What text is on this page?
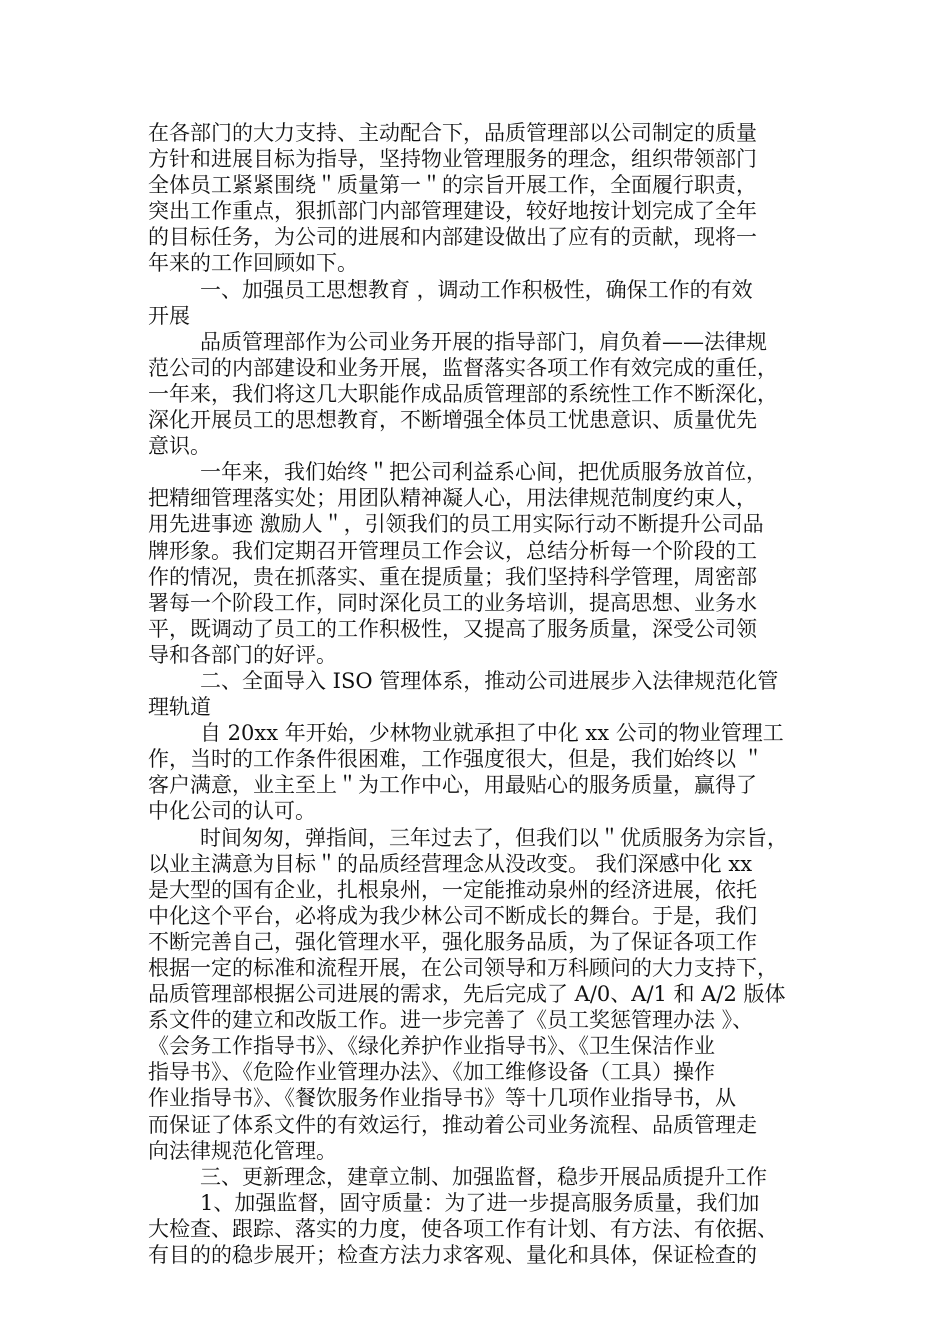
在各部门的大力支持、主动配合下，品质管理部以公司制定的质量
方针和进展目标为指导，坚持物业管理服务的理念，组织带领部门
全体员工紧紧围绕＂质量第一＂的宗旨开展工作，全面履行职责，
突出工作重点，狠抓部门内部管理建设，较好地按计划完成了全年
的目标任务，为公司的进展和内部建设做出了应有的贡献，现将一
年来的工作回顾如下。
一、加强员工思想教育 ，调动工作积极性，确保工作的有效
开展
品质管理部作为公司业务开展的指导部门，肩负着——法律规
范公司的内部建设和业务开展，监督落实各项工作有效完成的重任，
一年来，我们将这几大职能作成品质管理部的系统性工作不断深化，
深化开展员工的思想教育，不断增强全体员工忧患意识、质量优先
意识。
一年来，我们始终＂把公司利益系心间，把优质服务放首位，
把精细管理落实处；用团队精神凝人心，用法律规范制度约束人，
用先进事迹 激励人＂，引领我们的员工用实际行动不断提升公司品
牌形象。我们定期召开管理员工作会议，总结分析每一个阶段的工
作的情况，贵在抓落实、重在提质量；我们坚持科学管理，周密部
署每一个阶段工作，同时深化员工的业务培训，提高思想、业务水
平，既调动了员工的工作积极性，又提高了服务质量，深受公司领
导和各部门的好评。
二、全面导入 ISO 管理体系，推动公司进展步入法律规范化管
理轨道
自 20xx 年开始，少林物业就承担了中化 xx 公司的物业管理工
作，当时的工作条件很困难，工作强度很大，但是，我们始终以 ＂
客户满意，业主至上＂为工作中心，用最贴心的服务质量，赢得了
中化公司的认可。
时间匆匆，弹指间，三年过去了，但我们以＂优质服务为宗旨，
以业主满意为目标＂的品质经营理念从没改变。 我们深感中化 xx
是大型的国有企业，扎根泉州，一定能推动泉州的经济进展，依托
中化这个平台，必将成为我少林公司不断成长的舞台。于是，我们
不断完善自己，强化管理水平，强化服务品质，为了保证各项工作
根据一定的标准和流程开展，在公司领导和万科顾问的大力支持下，
品质管理部根据公司进展的需求，先后完成了 A/0、A/1 和 A/2 版体
系文件的建立和改版工作。进一步完善了《员工奖惩管理办法 》、
《会务工作指导书》、《绿化养护作业指导书》、《卫生保洁作业
指导书》、《危险作业管理办法》、《加工维修设备（工具）操作
作业指导书》、《餐饮服务作业指导书》等十几项作业指导书，从
而保证了体系文件的有效运行，推动着公司业务流程、品质管理走
向法律规范化管理。
三、更新理念，建章立制、加强监督，稳步开展品质提升工作
1、加强监督，固守质量：为了进一步提高服务质量，我们加
大检查、跟踪、落实的力度，使各项工作有计划、有方法、有依据、
有目的的稳步展开；检查方法力求客观、量化和具体，保证检查的
